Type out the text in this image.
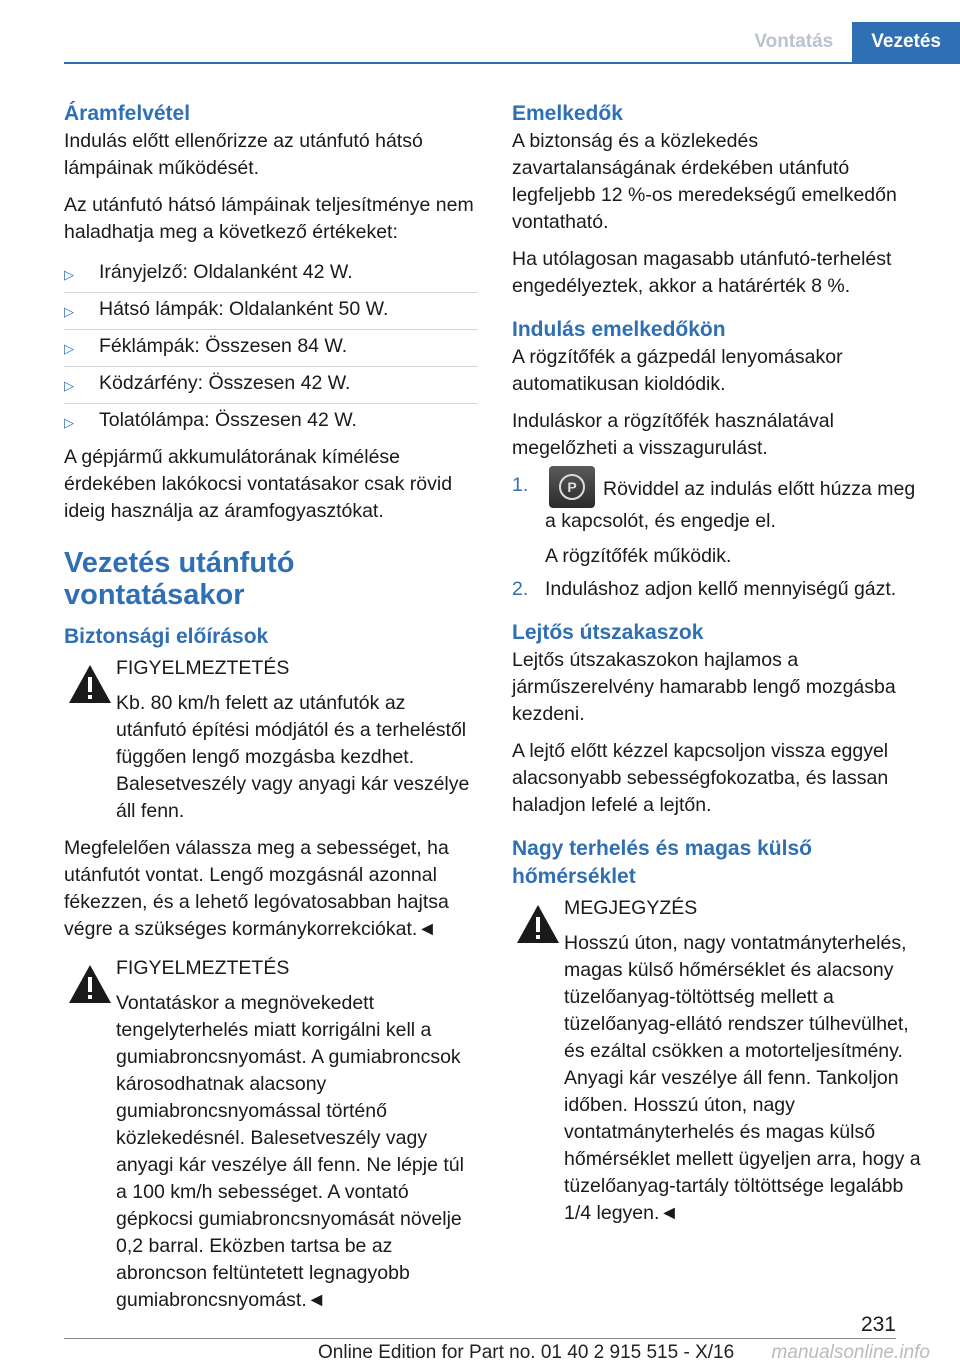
Vontatás	Vezetés
Áramfelvétel

Indulás előtt ellenőrizze az utánfutó hátsó lámpáinak működését.

Az utánfutó hátsó lámpáinak teljesítménye nem haladhatja meg a következő értékeket:

▷	Irányjelző: Oldalanként 42 W.
▷	Hátsó lámpák: Oldalanként 50 W.
▷	Féklámpák: Összesen 84 W.
▷	Ködzárfény: Összesen 42 W.
▷	Tolatólámpa: Összesen 42 W.

A gépjármű akkumulátorának kímélése érdekében lakókocsi vontatásakor csak rövid ideig használja az áramfogyasztókat.

Vezetés utánfutó vontatásakor
Biztonsági előírások
FIGYELMEZTETÉS
Kb. 80 km/h felett az utánfutók az utánfutó építési módjától és a terheléstől függően lengő mozgásba kezdhet. Balesetveszély vagy anyagi kár veszélye áll fenn.

Megfelelően válassza meg a sebességet, ha utánfutót vontat. Lengő mozgásnál azonnal fékezzen, és a lehető legóvatosabban hajtsa végre a szükséges kormánykorrekciókat.◄

FIGYELMEZTETÉS
Vontatáskor a megnövekedett tengelyterhelés miatt korrigálni kell a gumiabroncsnyomást. A gumiabroncsok károsodhatnak alacsony gumiabroncsnyomással történő közlekedésnél. Balesetveszély vagy anyagi kár veszélye áll fenn. Ne lépje túl a 100 km/h sebességet. A vontató gépkocsi gumiabroncsnyomását növelje 0,2 barral. Eközben tartsa be az abroncson feltüntetett legnagyobb gumiabroncsnyomást.◄
Emelkedők

A biztonság és a közlekedés zavartalanságának érdekében utánfutó legfeljebb 12 %-os meredekségű emelkedőn vontatható.

Ha utólagosan magasabb utánfutó-terhelést engedélyeztek, akkor a határérték 8 %.

Indulás emelkedőkön

A rögzítőfék a gázpedál lenyomásakor automatikusan kioldódik.

Induláskor a rögzítőfék használatával megelőzheti a visszagurulást.

1.	P	Röviddel az indulás előtt húzza meg a kapcsolót, és engedje el.
A rögzítőfék működik.
2. Induláshoz adjon kellő mennyiségű gázt.
Lejtős útszakaszok

Lejtős útszakaszokon hajlamos a járműszerelvény hamarabb lengő mozgásba kezdeni.

A lejtő előtt kézzel kapcsoljon vissza eggyel alacsonyabb sebességfokozatba, és lassan haladjon lefelé a lejtőn.

Nagy terhelés és magas külső hőmérséklet
MEGJEGYZÉS
Hosszú úton, nagy vontatmányterhelés, magas külső hőmérséklet és alacsony tüzelőanyag-töltöttség mellett a tüzelőanyag-ellátó rendszer túlhevülhet, és ezáltal csökken a motorteljesítmény. Anyagi kár veszélye áll fenn. Tankoljon időben. Hosszú úton, nagy vontatmányterhelés és magas külső hőmérséklet mellett ügyeljen arra, hogy a tüzelőanyag-tartály töltöttsége legalább 1/4 legyen.◄
231
Online Edition for Part no. 01 40 2 915 515 - X/16 manualsonline.info
